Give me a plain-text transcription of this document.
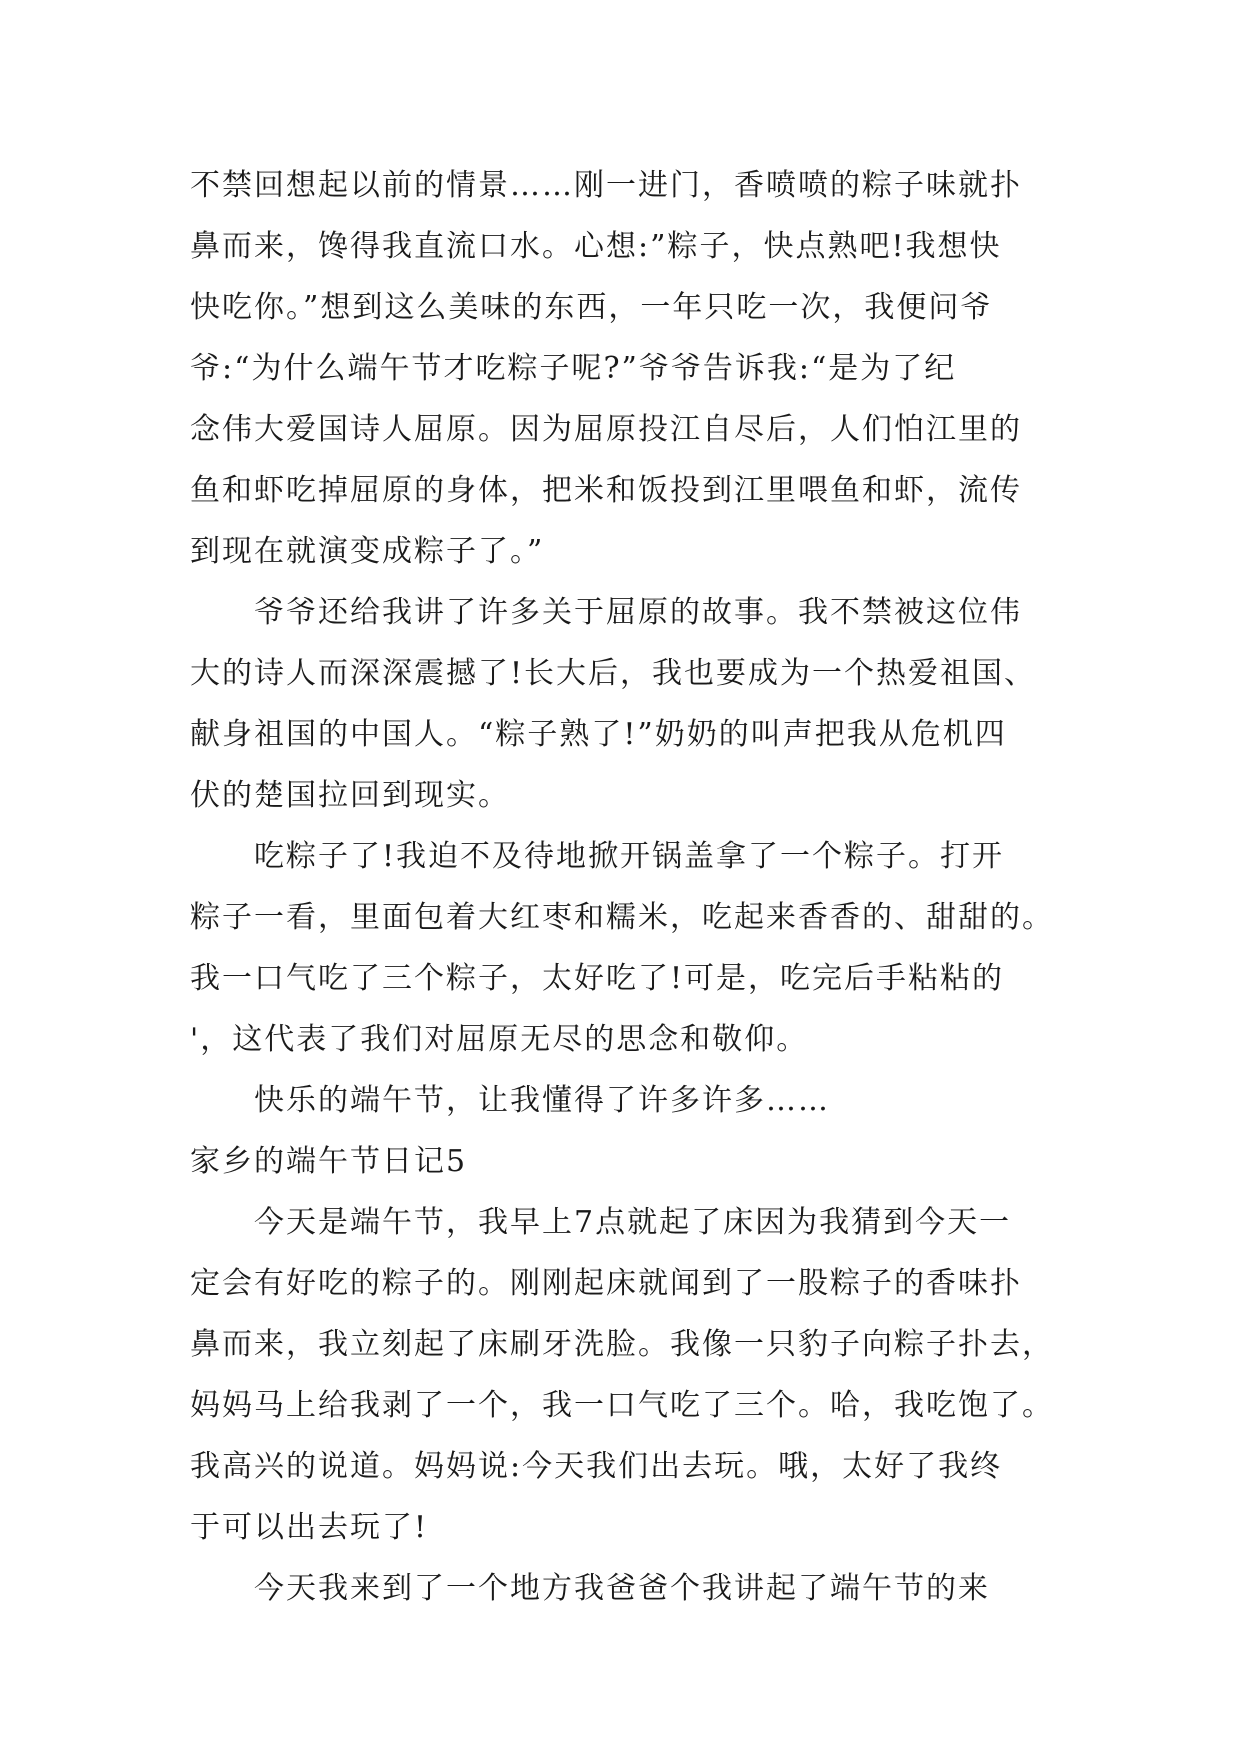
不禁回想起以前的情景……刚一进门，香喷喷的粽子味就扑
鼻而来，馋得我直流口水。心想:”粽子，快点熟吧!我想快
快吃你。”想到这么美味的东西，一年只吃一次，我便问爷
爷:“为什么端午节才吃粽子呢?”爷爷告诉我:“是为了纪
念伟大爱国诗人屈原。因为屈原投江自尽后，人们怕江里的
鱼和虾吃掉屈原的身体，把米和饭投到江里喂鱼和虾，流传
到现在就演变成粽子了。”
爷爷还给我讲了许多关于屈原的故事。我不禁被这位伟
大的诗人而深深震撼了!长大后，我也要成为一个热爱祖国、
献身祖国的中国人。“粽子熟了!”奶奶的叫声把我从危机四
伏的楚国拉回到现实。
吃粽子了!我迫不及待地掀开锅盖拿了一个粽子。打开
粽子一看，里面包着大红枣和糯米，吃起来香香的、甜甜的。
我一口气吃了三个粽子，太好吃了!可是，吃完后手粘粘的
'，这代表了我们对屈原无尽的思念和敬仰。
快乐的端午节，让我懂得了许多许多……
家乡的端午节日记5
今天是端午节，我早上7点就起了床因为我猜到今天一
定会有好吃的粽子的。刚刚起床就闻到了一股粽子的香味扑
鼻而来，我立刻起了床刷牙洗脸。我像一只豹子向粽子扑去，
妈妈马上给我剥了一个，我一口气吃了三个。哈，我吃饱了。
我高兴的说道。妈妈说:今天我们出去玩。哦，太好了我终
于可以出去玩了!
今天我来到了一个地方我爸爸个我讲起了端午节的来
